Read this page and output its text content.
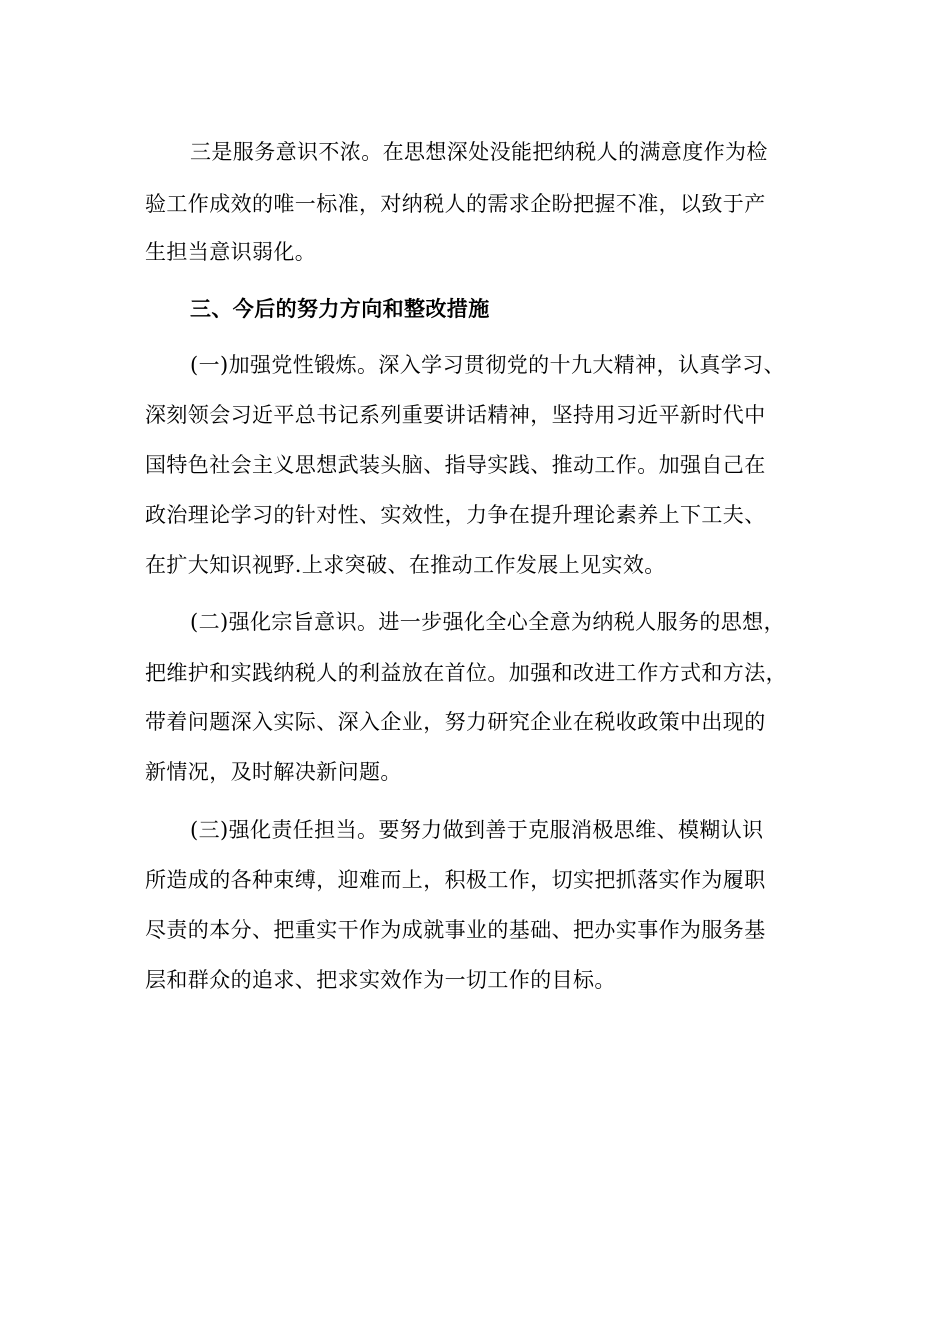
三是服务意识不浓。在思想深处没能把纳税人的满意度作为检
验工作成效的唯一标准，对纳税人的需求企盼把握不准，以致于产
生担当意识弱化。
三、今后的努力方向和整改措施
(一)加强党性锻炼。深入学习贯彻党的十九大精神，认真学习、
深刻领会习近平总书记系列重要讲话精神，坚持用习近平新时代中
国特色社会主义思想武装头脑、指导实践、推动工作。加强自己在
政治理论学习的针对性、实效性，力争在提升理论素养上下工夫、
在扩大知识视野.上求突破、在推动工作发展上见实效。
(二)强化宗旨意识。进一步强化全心全意为纳税人服务的思想，
把维护和实践纳税人的利益放在首位。加强和改进工作方式和方法，
带着问题深入实际、深入企业，努力研究企业在税收政策中出现的
新情况，及时解决新问题。
(三)强化责任担当。要努力做到善于克服消极思维、模糊认识
所造成的各种束缚，迎难而上，积极工作，切实把抓落实作为履职
尽责的本分、把重实干作为成就事业的基础、把办实事作为服务基
层和群众的追求、把求实效作为一切工作的目标。
